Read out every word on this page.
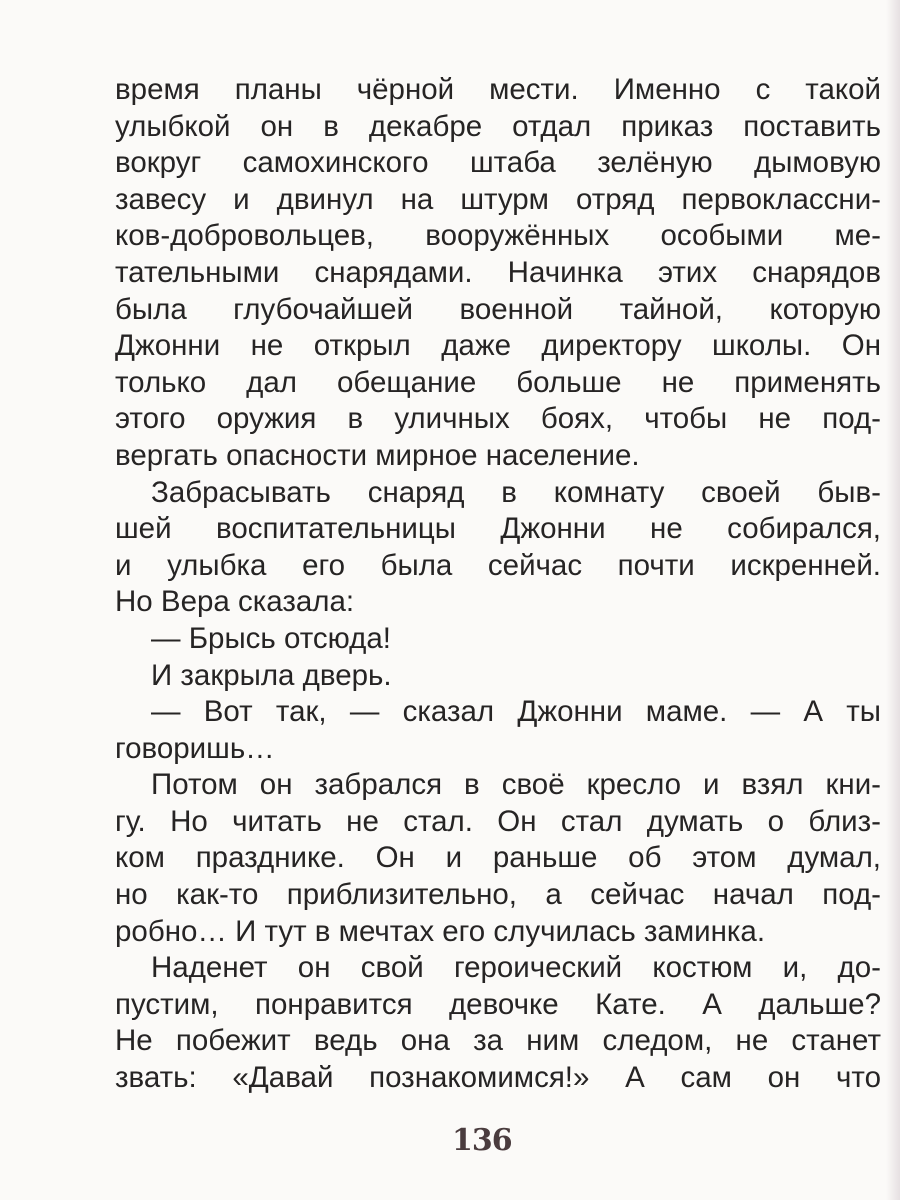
время планы чёрной мести. Именно с такой
улыбкой он в декабре отдал приказ поставить
вокруг самохинского штаба зелёную дымовую
завесу и двинул на штурм отряд первоклассни-
ков-добровольцев, вооружённых особыми ме-
тательными снарядами. Начинка этих снарядов
была глубочайшей военной тайной, которую
Джонни не открыл даже директору школы. Он
только дал обещание больше не применять
этого оружия в уличных боях, чтобы не под-
вергать опасности мирное население.
Забрасывать снаряд в комнату своей быв-
шей воспитательницы Джонни не собирался,
и улыбка его была сейчас почти искренней.
Но Вера сказала:
— Брысь отсюда!
И закрыла дверь.
— Вот так, — сказал Джонни маме. — А ты
говоришь…
Потом он забрался в своё кресло и взял кни-
гу. Но читать не стал. Он стал думать о близ-
ком празднике. Он и раньше об этом думал,
но как-то приблизительно, а сейчас начал под-
робно… И тут в мечтах его случилась заминка.
Наденет он свой героический костюм и, до-
пустим, понравится девочке Кате. А дальше?
Не побежит ведь она за ним следом, не станет
звать: «Давай познакомимся!» А сам он что
136
